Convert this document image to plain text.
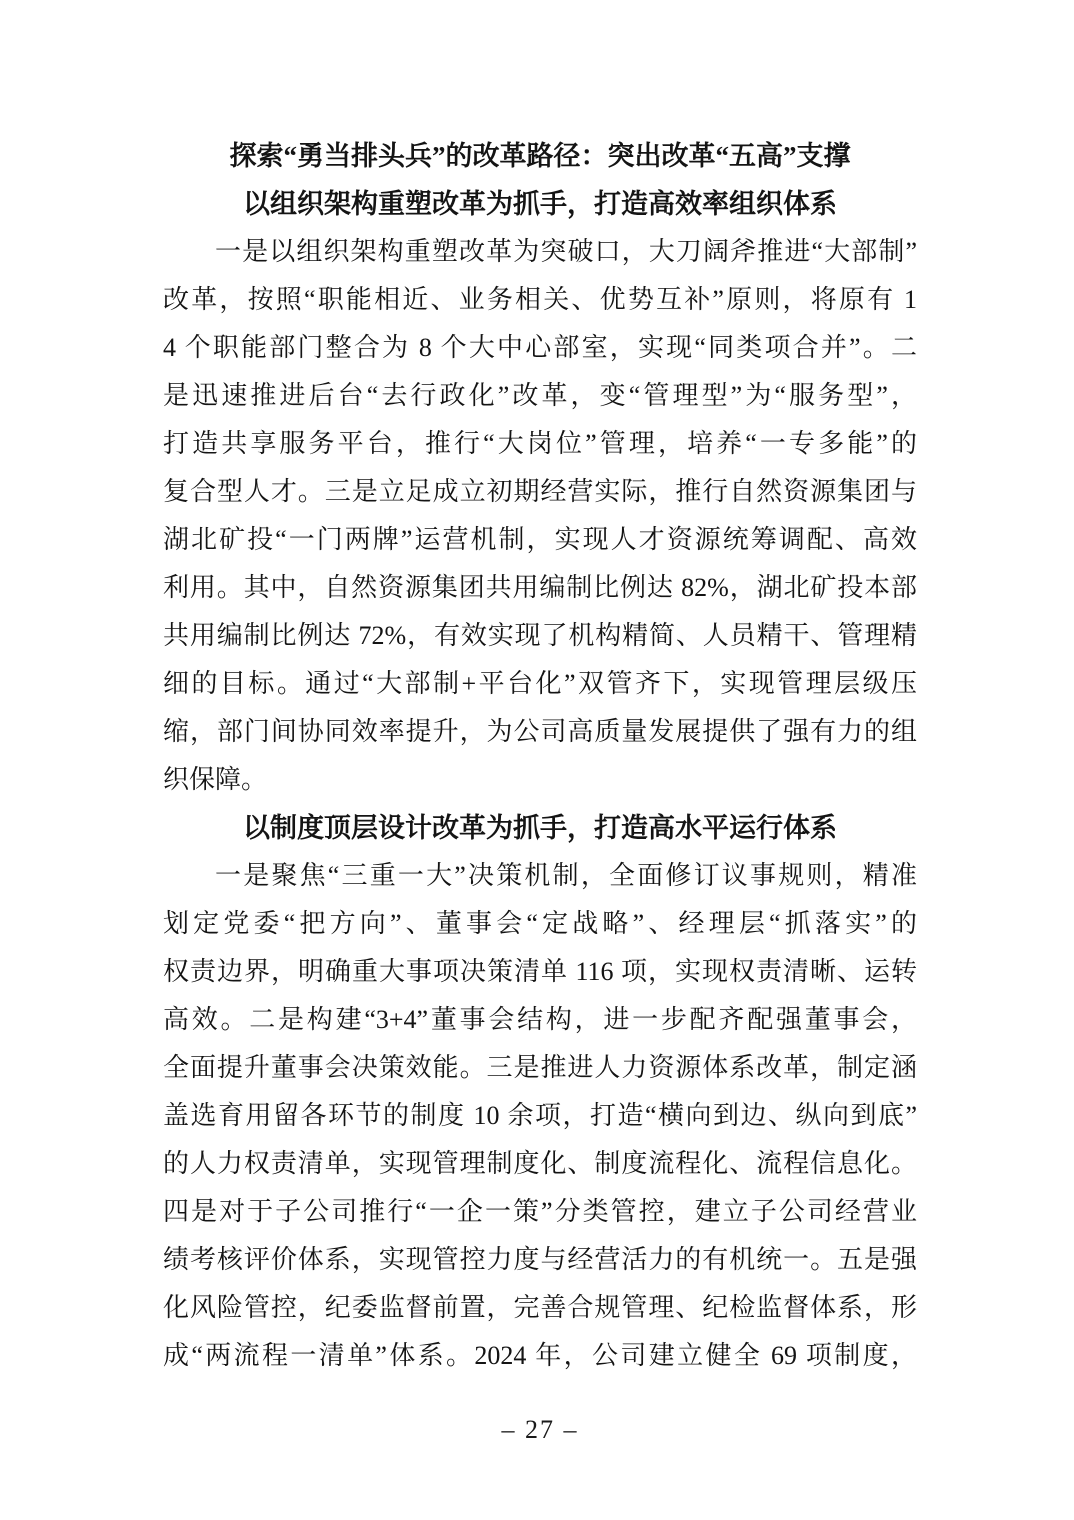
探索“勇当排头兵”的改革路径：突出改革“五高”支撑
以组织架构重塑改革为抓手，打造高效率组织体系
一是以组织架构重塑改革为突破口，大刀阔斧推进“大部制”
改革，按照“职能相近、业务相关、优势互补”原则，将原有 1
4 个职能部门整合为 8 个大中心部室，实现“同类项合并”。二
是迅速推进后台“去行政化”改革，变“管理型”为“服务型”，
打造共享服务平台，推行“大岗位”管理，培养“一专多能”的
复合型人才。三是立足成立初期经营实际，推行自然资源集团与
湖北矿投“一门两牌”运营机制，实现人才资源统筹调配、高效
利用。其中，自然资源集团共用编制比例达 82%，湖北矿投本部
共用编制比例达 72%，有效实现了机构精简、人员精干、管理精
细的目标。通过“大部制+平台化”双管齐下，实现管理层级压
缩，部门间协同效率提升，为公司高质量发展提供了强有力的组
织保障。
以制度顶层设计改革为抓手，打造高水平运行体系
一是聚焦“三重一大”决策机制，全面修订议事规则，精准
划定党委“把方向”、董事会“定战略”、经理层“抓落实”的
权责边界，明确重大事项决策清单 116 项，实现权责清晰、运转
高效。二是构建“3+4”董事会结构，进一步配齐配强董事会，
全面提升董事会决策效能。三是推进人力资源体系改革，制定涵
盖选育用留各环节的制度 10 余项，打造“横向到边、纵向到底”
的人力权责清单，实现管理制度化、制度流程化、流程信息化。
四是对于子公司推行“一企一策”分类管控，建立子公司经营业
绩考核评价体系，实现管控力度与经营活力的有机统一。五是强
化风险管控，纪委监督前置，完善合规管理、纪检监督体系，形
成“两流程一清单”体系。2024 年，公司建立健全 69 项制度，
– 27 –
